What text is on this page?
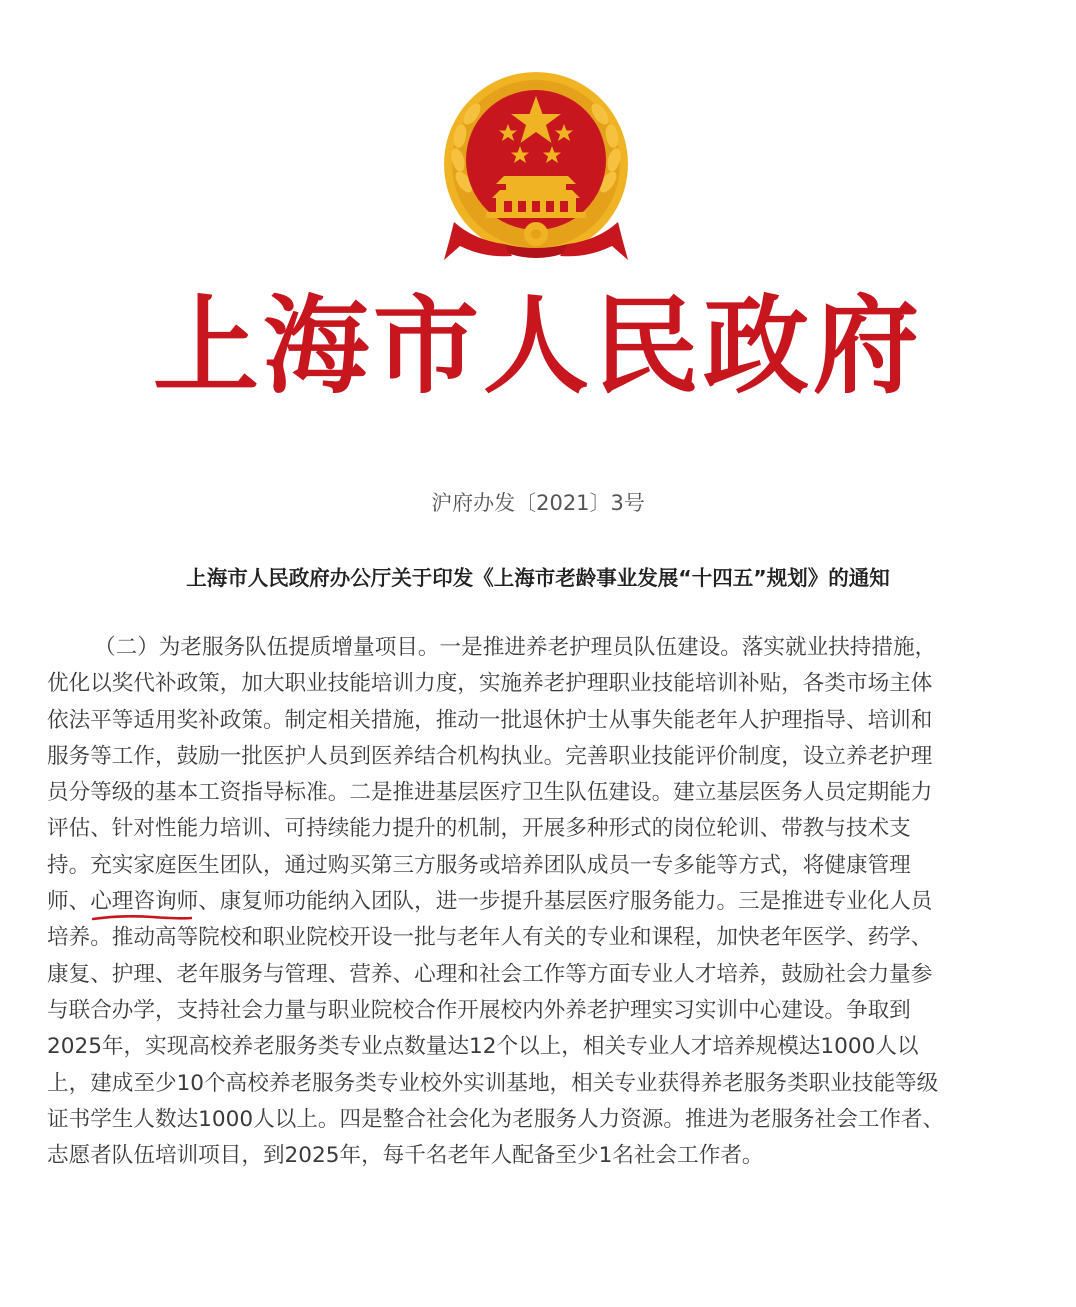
上海市人民政府
沪府办发〔2021〕3号
上海市人民政府办公厅关于印发《上海市老龄事业发展“十四五”规划》的通知
（二）为老服务队伍提质增量项目。一是推进养老护理员队伍建设。落实就业扶持措施，
优化以奖代补政策，加大职业技能培训力度，实施养老护理职业技能培训补贴，各类市场主体
依法平等适用奖补政策。制定相关措施，推动一批退休护士从事失能老年人护理指导、培训和
服务等工作，鼓励一批医护人员到医养结合机构执业。完善职业技能评价制度，设立养老护理
员分等级的基本工资指导标准。二是推进基层医疗卫生队伍建设。建立基层医务人员定期能力
评估、针对性能力培训、可持续能力提升的机制，开展多种形式的岗位轮训、带教与技术支
持。充实家庭医生团队，通过购买第三方服务或培养团队成员一专多能等方式，将健康管理
师、心理咨询师
、康复师功能纳入团队，进一步提升基层医疗服务能力。三是推进专业化人员
培养。推动高等院校和职业院校开设一批与老年人有关的专业和课程，加快老年医学、药学、
康复、护理、老年服务与管理、营养、心理和社会工作等方面专业人才培养，鼓励社会力量参
与联合办学，支持社会力量与职业院校合作开展校内外养老护理实习实训中心建设。争取到
2025年，实现高校养老服务类专业点数量达12个以上，相关专业人才培养规模达1000人以
上，建成至少10个高校养老服务类专业校外实训基地，相关专业获得养老服务类职业技能等级
证书学生人数达1000人以上。四是整合社会化为老服务人力资源。推进为老服务社会工作者、
志愿者队伍培训项目，到2025年，每千名老年人配备至少1名社会工作者。
